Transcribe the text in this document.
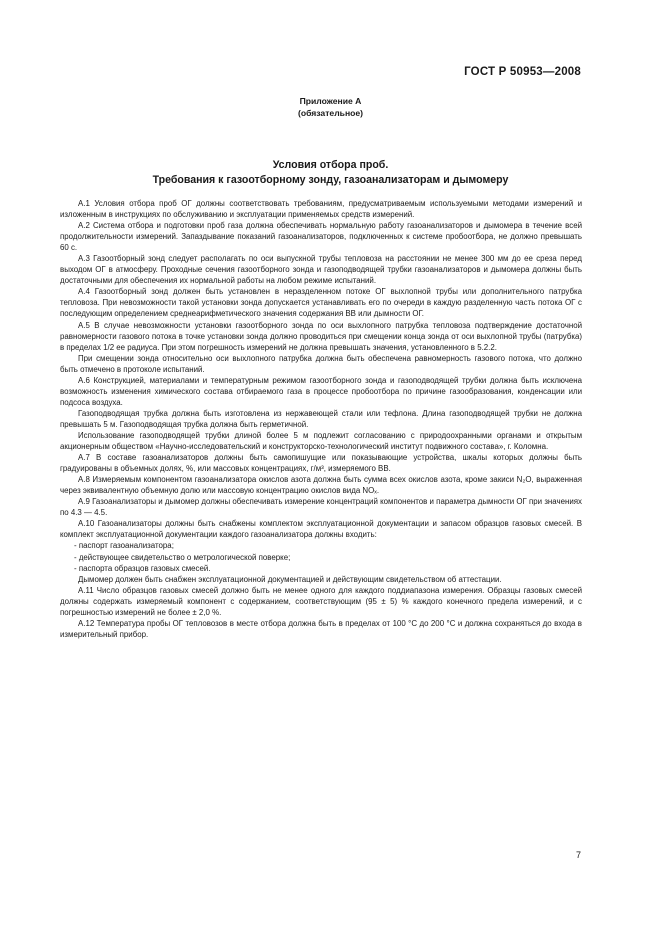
ГОСТ Р 50953—2008
Приложение А
(обязательное)
Условия отбора проб.
Требования к газоотборному зонду, газоанализаторам и дымомеру

А.1 Условия отбора проб ОГ должны соответствовать требованиям, предусматриваемым используемыми методами измерений и изложенным в инструкциях по обслуживанию и эксплуатации применяемых средств измерений.

А.2 Система отбора и подготовки проб газа должна обеспечивать нормальную работу газоанализаторов и дымомера в течение всей продолжительности измерений. Запаздывание показаний газоанализаторов, подключенных к системе пробоотбора, не должно превышать 60 с.

А.3 Газоотборный зонд следует располагать по оси выпускной трубы тепловоза на расстоянии не менее 300 мм до ее среза перед выходом ОГ в атмосферу. Проходные сечения газоотборного зонда и газоподводящей трубки газоанализаторов и дымомера должны быть достаточными для обеспечения их нормальной работы на любом режиме испытаний.

А.4 Газоотборный зонд должен быть установлен в неразделенном потоке ОГ выхлопной трубы или дополнительного патрубка тепловоза. При невозможности такой установки зонда допускается устанавливать его по очереди в каждую разделенную часть потока ОГ с последующим определением среднеарифметического значения содержания ВВ или дымности ОГ.

А.5 В случае невозможности установки газоотборного зонда по оси выхлопного патрубка тепловоза подтверждение достаточной равномерности газового потока в точке установки зонда должно проводиться при смещении конца зонда от оси выхлопной трубы (патрубка) в пределах 1/2 ее радиуса. При этом погрешность измерений не должна превышать значения, установленного в 5.2.2.

При смещении зонда относительно оси выхлопного патрубка должна быть обеспечена равномерность газового потока, что должно быть отмечено в протоколе испытаний.

А.6 Конструкцией, материалами и температурным режимом газоотборного зонда и газоподводящей трубки должна быть исключена возможность изменения химического состава отбираемого газа в процессе пробоотбора по причине газообразования, конденсации или подсоса воздуха.

Газоподводящая трубка должна быть изготовлена из нержавеющей стали или тефлона. Длина газоподводящей трубки не должна превышать 5 м. Газоподводящая трубка должна быть герметичной.

Использование газоподводящей трубки длиной более 5 м подлежит согласованию с природоохранными органами и открытым акционерным обществом «Научно-исследовательский и конструкторско-технологический институт подвижного состава», г. Коломна.

А.7 В составе газоанализаторов должны быть самопишущие или показывающие устройства, шкалы которых должны быть градуированы в объемных долях, %, или массовых концентрациях, г/м³, измеряемого ВВ.

А.8 Измеряемым компонентом газоанализатора окислов азота должна быть сумма всех окислов азота, кроме закиси N₂O, выраженная через эквивалентную объемную долю или массовую концентрацию окислов вида NOₓ.

А.9 Газоанализаторы и дымомер должны обеспечивать измерение концентраций компонентов и параметра дымности ОГ при значениях по 4.3 — 4.5.

А.10 Газоанализаторы должны быть снабжены комплектом эксплуатационной документации и запасом образцов газовых смесей. В комплект эксплуатационной документации каждого газоанализатора должны входить:

- паспорт газоанализатора;

- действующее свидетельство о метрологической поверке;

- паспорта образцов газовых смесей.

Дымомер должен быть снабжен эксплуатационной документацией и действующим свидетельством об аттестации.

А.11 Число образцов газовых смесей должно быть не менее одного для каждого поддиапазона измерения. Образцы газовых смесей должны содержать измеряемый компонент с содержанием, соответствующим (95 ± 5) % каждого конечного предела измерений, и с погрешностью измерений не более ± 2,0 %.

А.12 Температура пробы ОГ тепловозов в месте отбора должна быть в пределах от 100 °С до 200 °С и должна сохраняться до входа в измерительный прибор.

7
